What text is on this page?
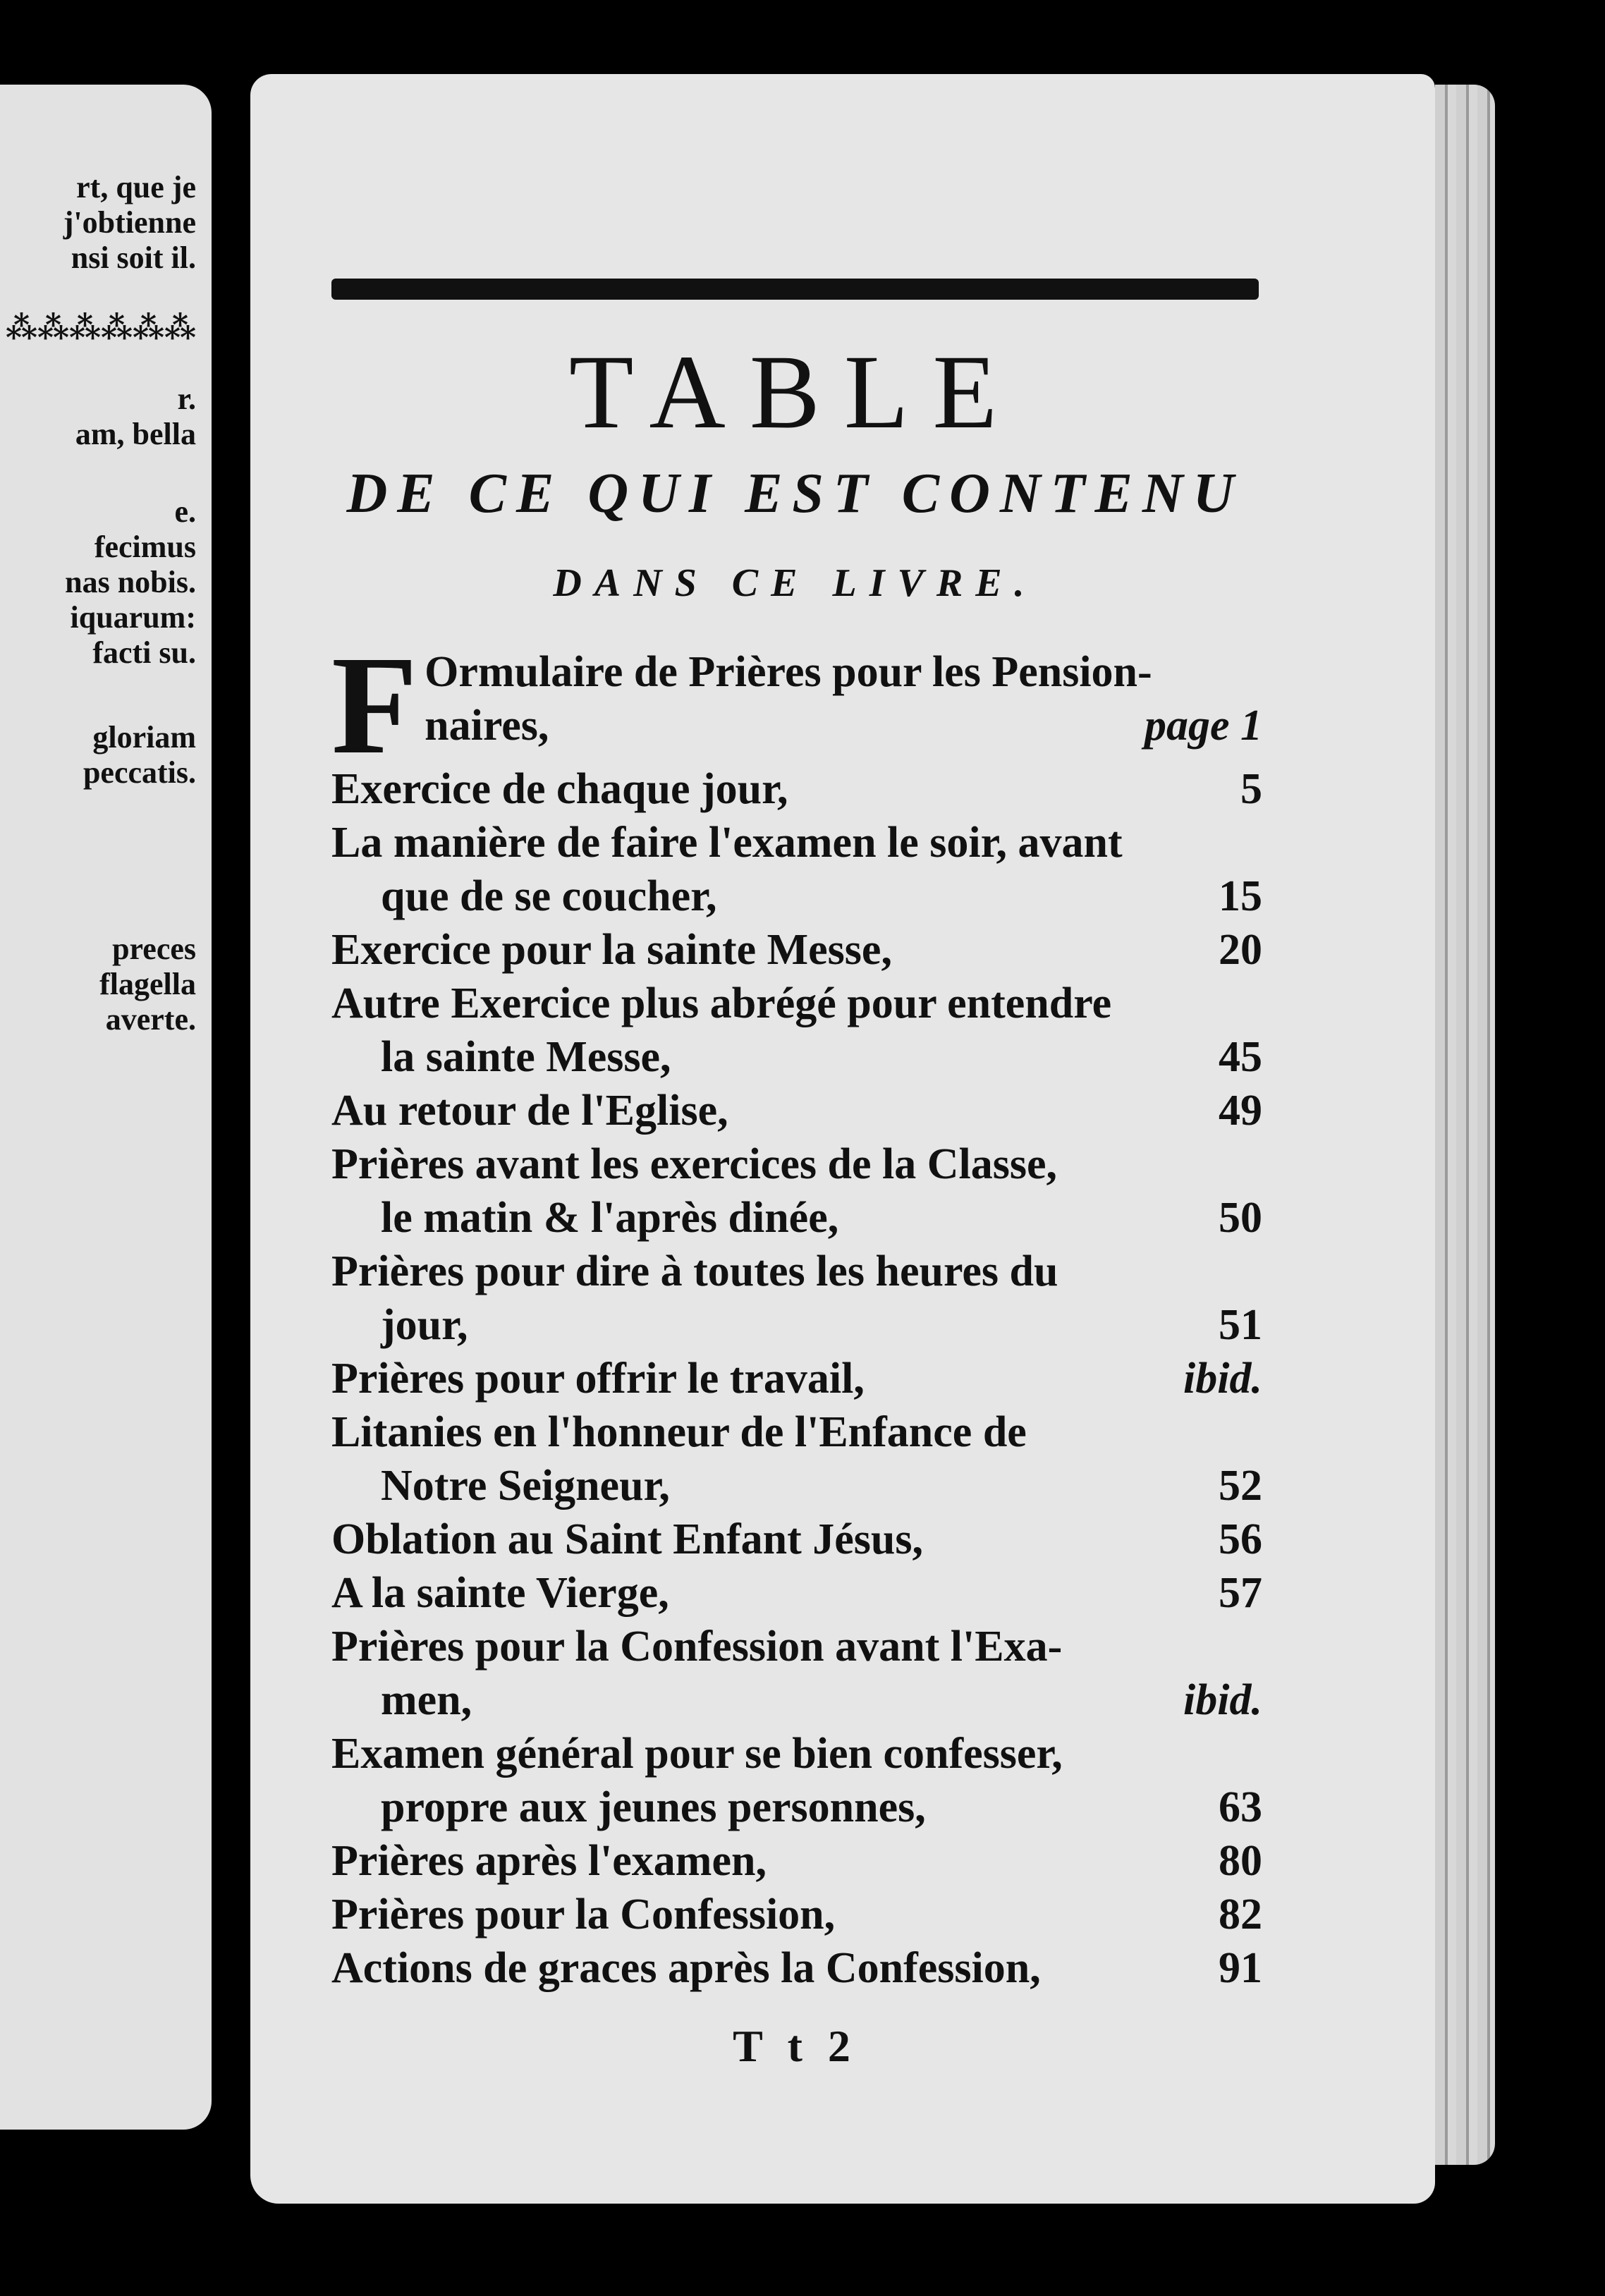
rt, que je
j'obtienne
nsi soit il.
⁂⁂⁂⁂⁂⁂
r.
am, bella
e.
fecimus
nas nobis.
iquarum:
facti su.
gloriam
peccatis.
preces
flagella
averte.
TABLE
DE CE QUI EST CONTENU
DANS CE LIVRE.
F Ormulaire de Prières pour les Pension-
naires,	page 1
Exercice de chaque jour,	5
La manière de faire l'examen le soir, avant
que de se coucher,	15
Exercice pour la sainte Messe,	20
Autre Exercice plus abrégé pour entendre
la sainte Messe,	45
Au retour de l'Eglise,	49
Prières avant les exercices de la Classe,
le matin & l'après dinée,	50
Prières pour dire à toutes les heures du
jour,	51
Prières pour offrir le travail,	ibid.
Litanies en l'honneur de l'Enfance de
Notre Seigneur,	52
Oblation au Saint Enfant Jésus,	56
A la sainte Vierge,	57
Prières pour la Confession avant l'Exa-
men,	ibid.
Examen général pour se bien confesser,
propre aux jeunes personnes,	63
Prières après l'examen,	80
Prières pour la Confession,	82
Actions de graces après la Confession,	91
T t 2
